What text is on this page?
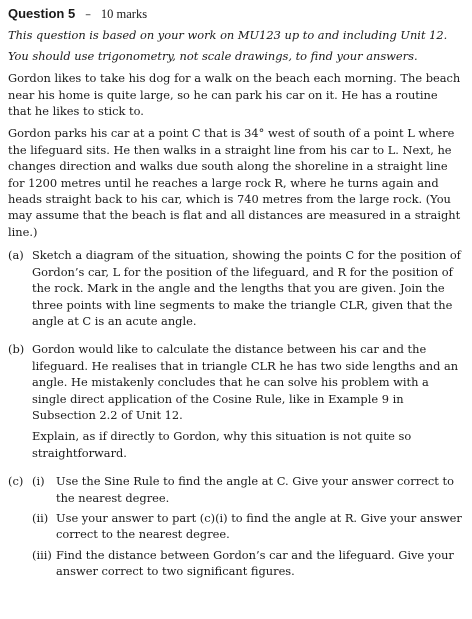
Question 5 – 10 marks

This question is based on your work on MU123 up to and including Unit 12.

You should use trigonometry, not scale drawings, to find your answers.

Gordon likes to take his dog for a walk on the beach each morning. The beach near his home is quite large, so he can park his car on it. He has a routine that he likes to stick to.

Gordon parks his car at a point C that is 34° west of south of a point L where the lifeguard sits. He then walks in a straight line from his car to L. Next, he changes direction and walks due south along the shoreline in a straight line for 1200 metres until he reaches a large rock R, where he turns again and heads straight back to his car, which is 740 metres from the large rock. (You may assume that the beach is flat and all distances are measured in a straight line.)

(a) Sketch a diagram of the situation, showing the points C for the position of Gordon’s car, L for the position of the lifeguard, and R for the position of the rock. Mark in the angle and the lengths that you are given. Join the three points with line segments to make the triangle CLR, given that the angle at C is an acute angle.

(b) Gordon would like to calculate the distance between his car and the lifeguard. He realises that in triangle CLR he has two side lengths and an angle. He mistakenly concludes that he can solve his problem with a single direct application of the Cosine Rule, like in Example 9 in Subsection 2.2 of Unit 12.

Explain, as if directly to Gordon, why this situation is not quite so straightforward.

(c) (i)	Use the Sine Rule to find the angle at C. Give your answer correct to the nearest degree.
(ii) Use your answer to part (c)(i) to find the angle at R. Give your answer correct to the nearest degree.
(iii) Find the distance between Gordon’s car and the lifeguard. Give your answer correct to two significant figures.
